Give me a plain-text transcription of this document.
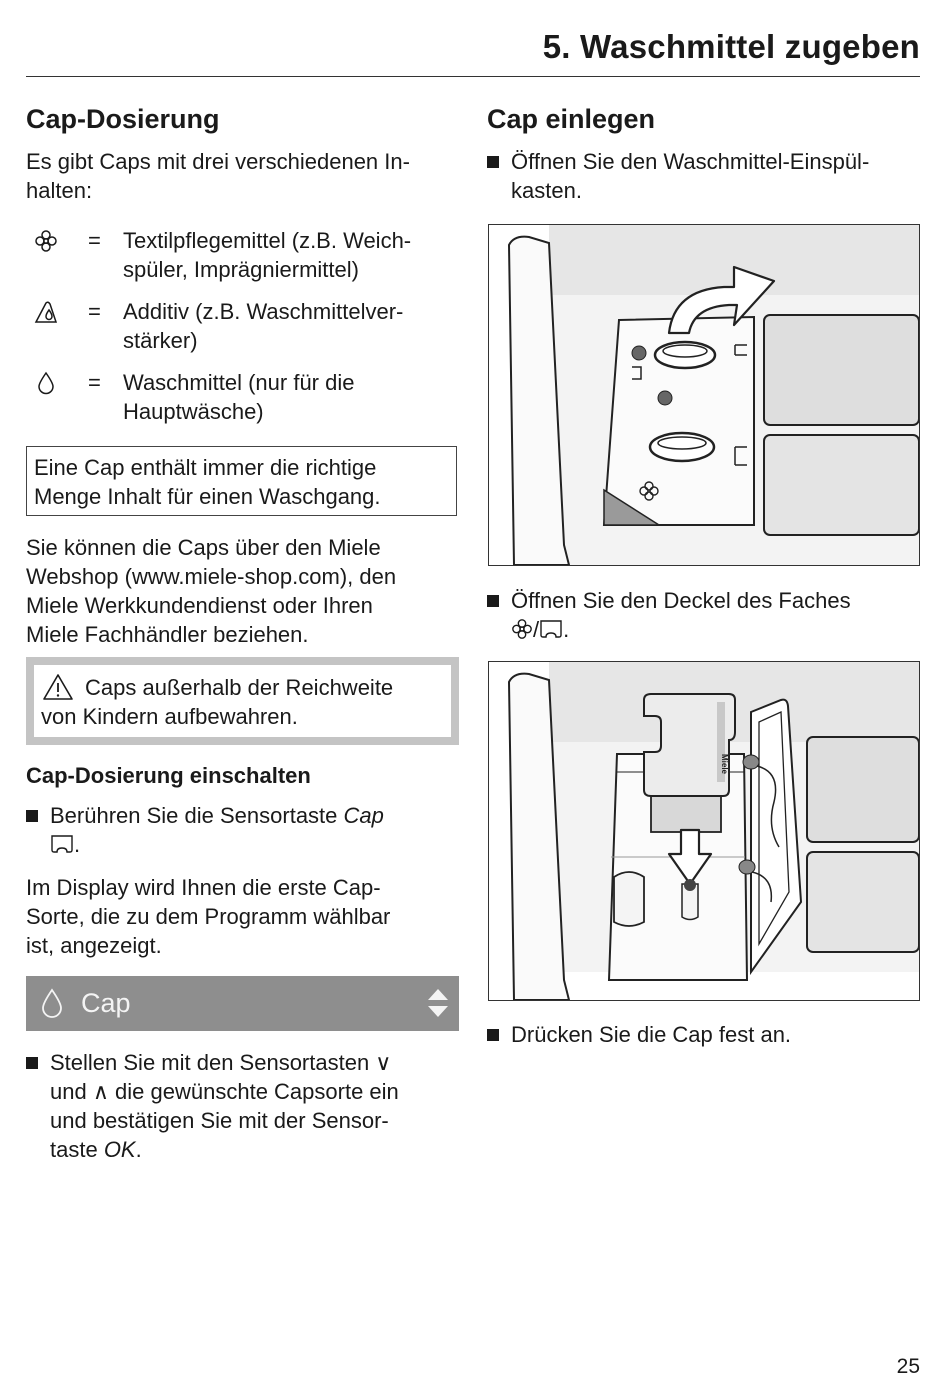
5. Waschmittel zugeben
Cap-Dosierung
Es gibt Caps mit drei verschiedenen In-
halten:
= Textilpflegemittel (z.B. Weich-
spüler, Imprägniermittel)
= Additiv (z.B. Waschmittelver-
stärker)
= Waschmittel (nur für die
Hauptwäsche)
Eine Cap enthält immer die richtige
Menge Inhalt für einen Waschgang.
Sie können die Caps über den Miele
Webshop (www.miele-shop.com), den
Miele Werkkundendienst oder Ihren
Miele Fachhändler beziehen.
Caps außerhalb der Reichweite
von Kindern aufbewahren.
Cap-Dosierung einschalten
Berühren Sie die Sensortaste Cap
.
Im Display wird Ihnen die erste Cap-
Sorte, die zu dem Programm wählbar
ist, angezeigt.
Cap
Stellen Sie mit den Sensortasten ∨
und ∧ die gewünschte Capsorte ein
und bestätigen Sie mit der Sensor-
taste OK.
Cap einlegen
Öffnen Sie den Waschmittel-Einspül-
kasten.
Öffnen Sie den Deckel des Faches
/ .
Miele
Drücken Sie die Cap fest an.
25
